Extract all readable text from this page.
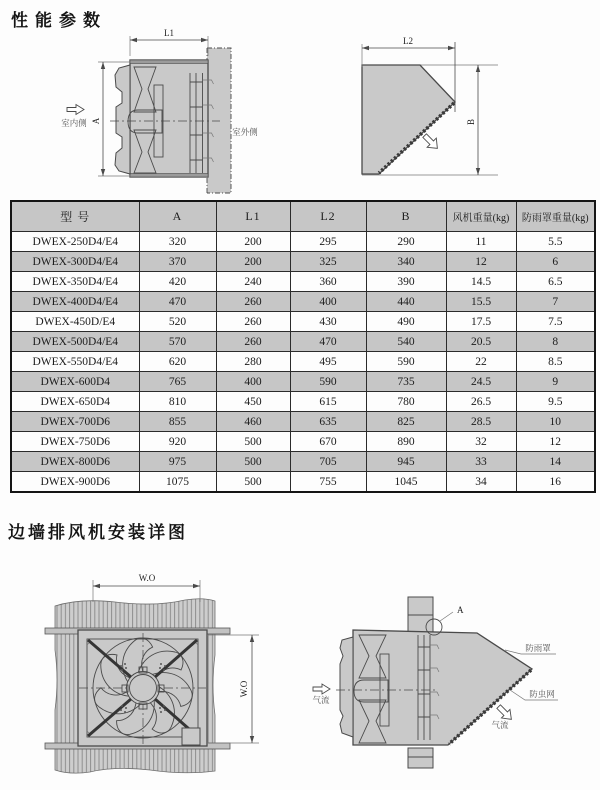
性能参数
L1
A
室内侧
室外侧
L2
B
型 号	A	L1	L2	B	风机重量(kg)	防雨罩重量(kg)
DWEX-250D4/E4	320	200	295	290	11	5.5
DWEX-300D4/E4	370	200	325	340	12	6
DWEX-350D4/E4	420	240	360	390	14.5	6.5
DWEX-400D4/E4	470	260	400	440	15.5	7
DWEX-450D/E4	520	260	430	490	17.5	7.5
DWEX-500D4/E4	570	260	470	540	20.5	8
DWEX-550D4/E4	620	280	495	590	22	8.5
DWEX-600D4	765	400	590	735	24.5	9
DWEX-650D4	810	450	615	780	26.5	9.5
DWEX-700D6	855	460	635	825	28.5	10
DWEX-750D6	920	500	670	890	32	12
DWEX-800D6	975	500	705	945	33	14
DWEX-900D6	1075	500	755	1045	34	16
边墙排风机安装详图
W.O
W.O
A
防雨罩
防虫网
气流
气流
